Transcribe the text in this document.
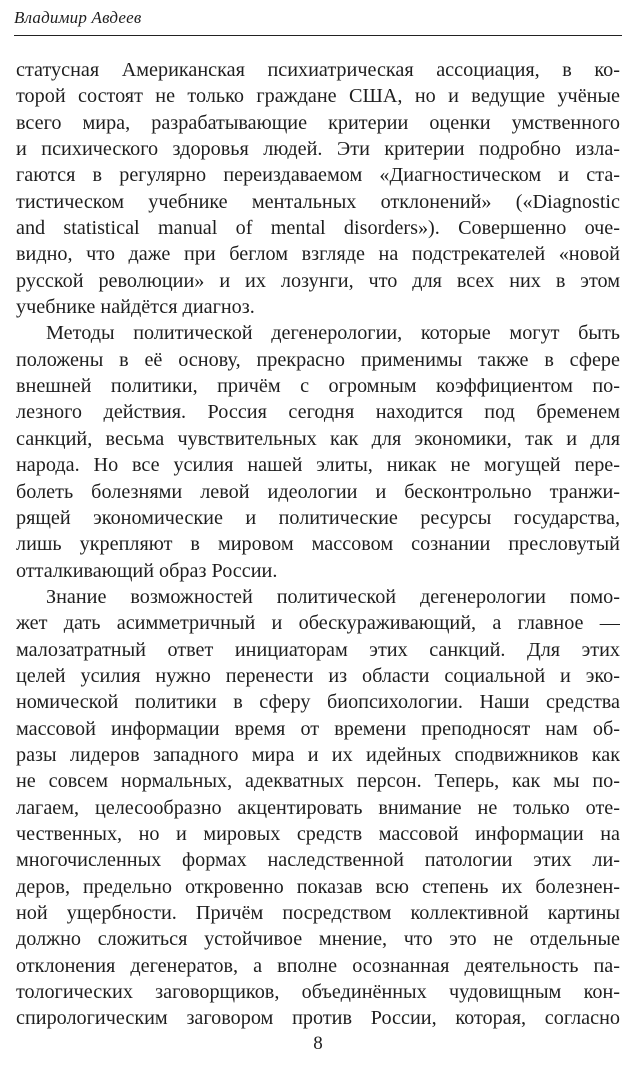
Владимир Авдеев
статусная Американская психиатрическая ассоциация, в ко-
торой состоят не только граждане США, но и ведущие учёные
всего мира, разрабатывающие критерии оценки умственного
и психического здоровья людей. Эти критерии подробно изла-
гаются в регулярно переиздаваемом «Диагностическом и ста-
тистическом учебнике ментальных отклонений» («Diagnostic
and statistical manual of mental disorders»). Совершенно оче-
видно, что даже при беглом взгляде на подстрекателей «новой
русской революции» и их лозунги, что для всех них в этом
учебнике найдётся диагноз.
Методы политической дегенерологии, которые могут быть
положены в её основу, прекрасно применимы также в сфере
внешней политики, причём с огромным коэффициентом по-
лезного действия. Россия сегодня находится под бременем
санкций, весьма чувствительных как для экономики, так и для
народа. Но все усилия нашей элиты, никак не могущей пере-
болеть болезнями левой идеологии и бесконтрольно транжи-
рящей экономические и политические ресурсы государства,
лишь укрепляют в мировом массовом сознании пресловутый
отталкивающий образ России.
Знание возможностей политической дегенерологии помо-
жет дать асимметричный и обескураживающий, а главное —
малозатратный ответ инициаторам этих санкций. Для этих
целей усилия нужно перенести из области социальной и эко-
номической политики в сферу биопсихологии. Наши средства
массовой информации время от времени преподносят нам об-
разы лидеров западного мира и их идейных сподвижников как
не совсем нормальных, адекватных персон. Теперь, как мы по-
лагаем, целесообразно акцентировать внимание не только оте-
чественных, но и мировых средств массовой информации на
многочисленных формах наследственной патологии этих ли-
деров, предельно откровенно показав всю степень их болезнен-
ной ущербности. Причём посредством коллективной картины
должно сложиться устойчивое мнение, что это не отдельные
отклонения дегенератов, а вполне осознанная деятельность па-
тологических заговорщиков, объединённых чудовищным кон-
спирологическим заговором против России, которая, согласно
8
